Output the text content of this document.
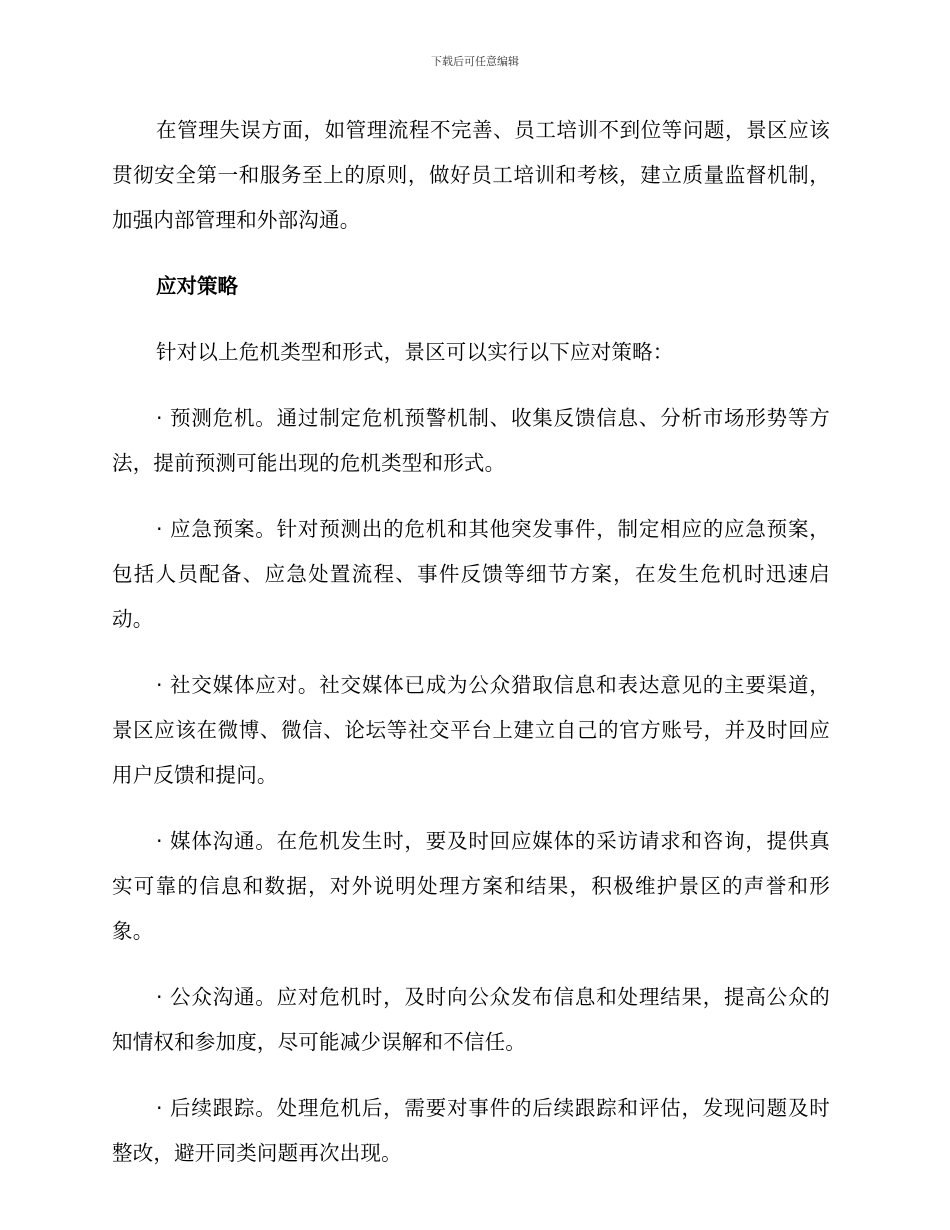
下载后可任意编辑

在管理失误方面，如管理流程不完善、员工培训不到位等问题，景区应该贯彻安全第一和服务至上的原则，做好员工培训和考核，建立质量监督机制，加强内部管理和外部沟通。

应对策略

针对以上危机类型和形式，景区可以实行以下应对策略：

· 预测危机。通过制定危机预警机制、收集反馈信息、分析市场形势等方法，提前预测可能出现的危机类型和形式。

· 应急预案。针对预测出的危机和其他突发事件，制定相应的应急预案，包括人员配备、应急处置流程、事件反馈等细节方案，在发生危机时迅速启动。

· 社交媒体应对。社交媒体已成为公众猎取信息和表达意见的主要渠道，景区应该在微博、微信、论坛等社交平台上建立自己的官方账号，并及时回应用户反馈和提问。

· 媒体沟通。在危机发生时，要及时回应媒体的采访请求和咨询，提供真实可靠的信息和数据，对外说明处理方案和结果，积极维护景区的声誉和形象。

· 公众沟通。应对危机时，及时向公众发布信息和处理结果，提高公众的知情权和参加度，尽可能减少误解和不信任。

· 后续跟踪。处理危机后，需要对事件的后续跟踪和评估，发现问题及时整改，避开同类问题再次出现。
